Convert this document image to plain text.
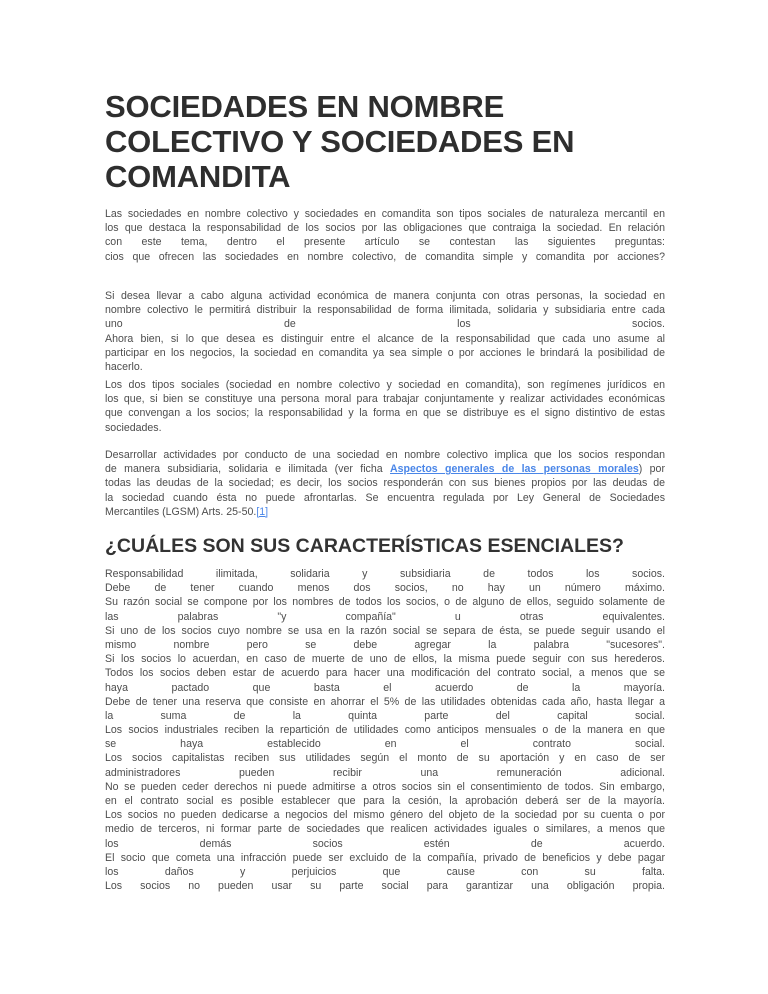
SOCIEDADES EN NOMBRE
COLECTIVO Y SOCIEDADES EN
COMANDITA
Las sociedades en nombre colectivo y sociedades en comandita son tipos sociales de naturaleza mercantil en
los que destaca la responsabilidad de los socios por las obligaciones que contraiga la sociedad. En relación
con este tema, dentro el presente artículo se contestan las siguientes preguntas:
cios que ofrecen las sociedades en nombre colectivo, de comandita simple y comandita por acciones?
Si desea llevar a cabo alguna actividad económica de manera conjunta con otras personas, la sociedad en
nombre colectivo le permitirá distribuir la responsabilidad de forma ilimitada, solidaria y subsidiaria entre cada
uno de los socios.
Ahora bien, si lo que desea es distinguir entre el alcance de la responsabilidad que cada uno asume al
participar en los negocios, la sociedad en comandita ya sea simple o por acciones le brindará la posibilidad de
hacerlo.
Los dos tipos sociales (sociedad en nombre colectivo y sociedad en comandita), son regímenes jurídicos en
los que, si bien se constituye una persona moral para trabajar conjuntamente y realizar actividades económicas
que convengan a los socios; la responsabilidad y la forma en que se distribuye es el signo distintivo de estas
sociedades.
Desarrollar actividades por conducto de una sociedad en nombre colectivo implica que los socios respondan
de manera subsidiaria, solidaria e ilimitada (ver ficha Aspectos generales de las personas morales) por
todas las deudas de la sociedad; es decir, los socios responderán con sus bienes propios por las deudas de
la sociedad cuando ésta no puede afrontarlas. Se encuentra regulada por Ley General de Sociedades
Mercantiles (LGSM) Arts. 25-50.[1]
¿CUÁLES SON SUS CARACTERÍSTICAS ESENCIALES?
Responsabilidad ilimitada, solidaria y subsidiaria de todos los socios.
Debe de tener cuando menos dos socios, no hay un número máximo.
Su razón social se compone por los nombres de todos los socios, o de alguno de ellos, seguido solamente de
las palabras "y compañía" u otras equivalentes.
Si uno de los socios cuyo nombre se usa en la razón social se separa de ésta, se puede seguir usando el
mismo nombre pero se debe agregar la palabra "sucesores".
Si los socios lo acuerdan, en caso de muerte de uno de ellos, la misma puede seguir con sus herederos.
Todos los socios deben estar de acuerdo para hacer una modificación del contrato social, a menos que se
haya pactado que basta el acuerdo de la mayoría.
Debe de tener una reserva que consiste en ahorrar el 5% de las utilidades obtenidas cada año, hasta llegar a
la suma de la quinta parte del capital social.
Los socios industriales reciben la repartición de utilidades como anticipos mensuales o de la manera en que
se haya establecido en el contrato social.
Los socios capitalistas reciben sus utilidades según el monto de su aportación y en caso de ser
administradores pueden recibir una remuneración adicional.
No se pueden ceder derechos ni puede admitirse a otros socios sin el consentimiento de todos. Sin embargo,
en el contrato social es posible establecer que para la cesión, la aprobación deberá ser de la mayoría.
Los socios no pueden dedicarse a negocios del mismo género del objeto de la sociedad por su cuenta o por
medio de terceros, ni formar parte de sociedades que realicen actividades iguales o similares, a menos que
los demás socios estén de acuerdo.
El socio que cometa una infracción puede ser excluido de la compañía, privado de beneficios y debe pagar
los daños y perjuicios que cause con su falta.
Los socios no pueden usar su parte social para garantizar una obligación propia.
